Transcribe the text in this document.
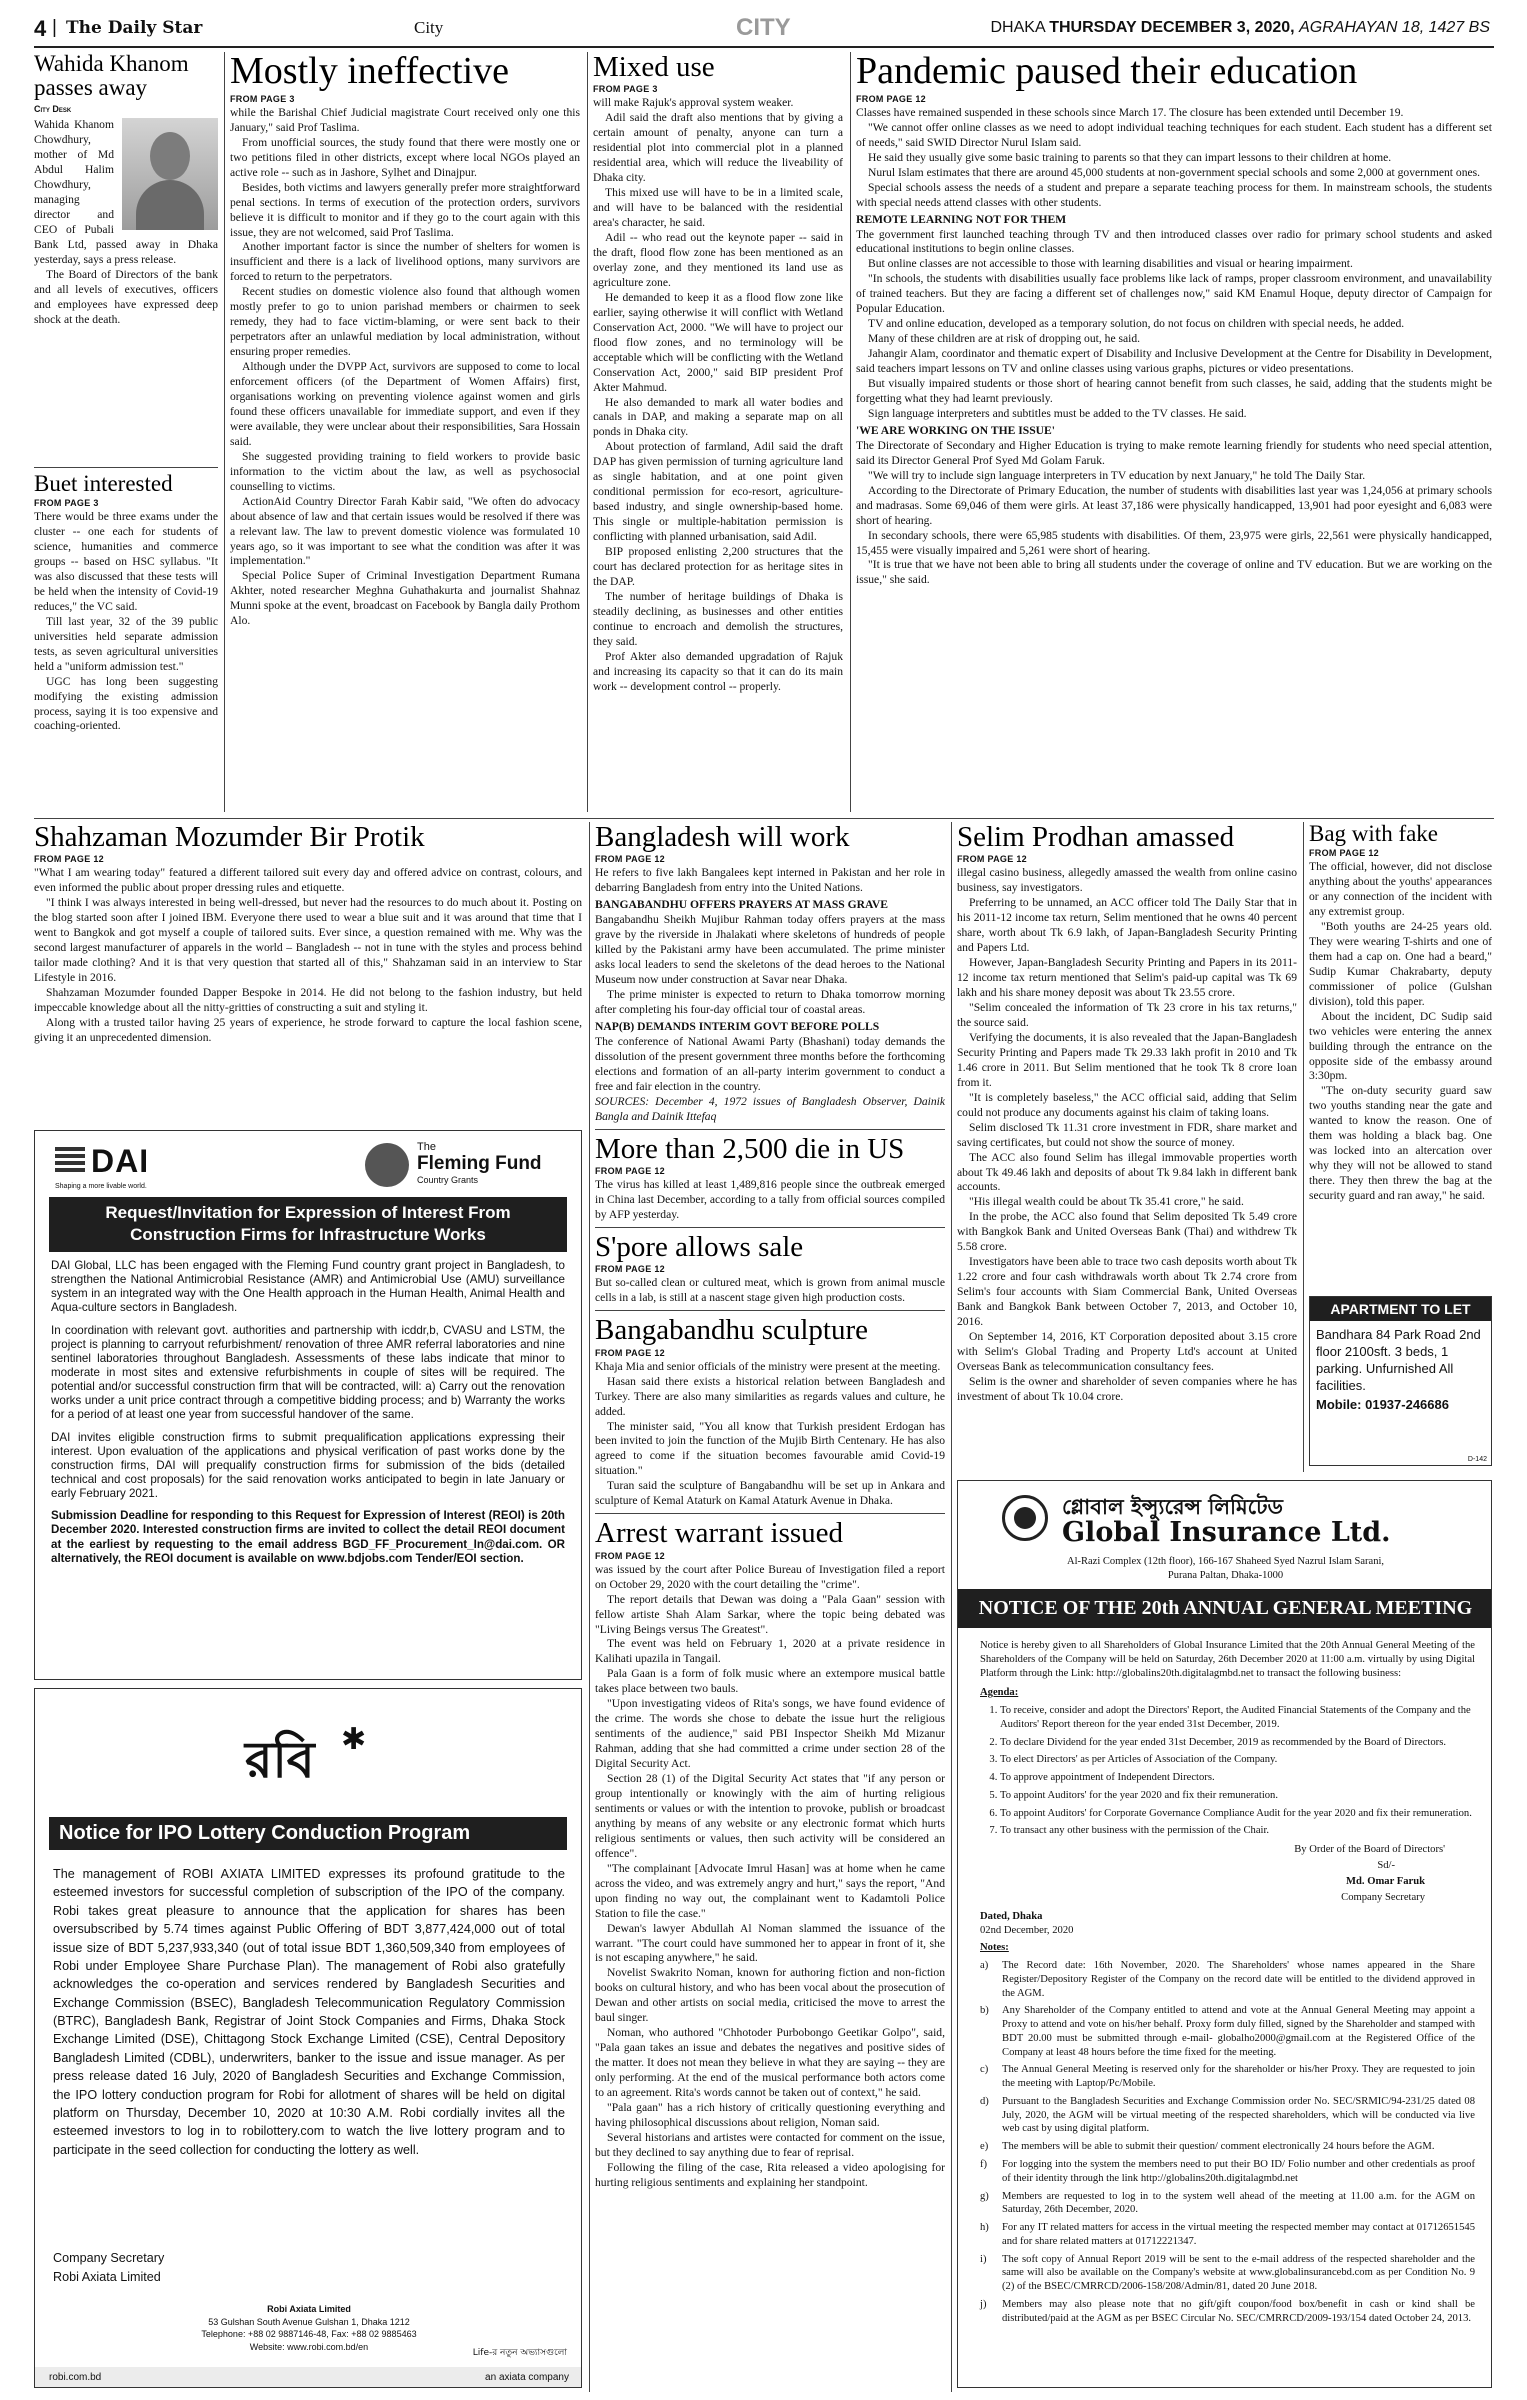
4 | The Daily Star	City	CITY	DHAKA THURSDAY DECEMBER 3, 2020, AGRAHAYAN 18, 1427 BS
Wahida Khanom passes away
City Desk

Wahida Khanom Chowdhury, mother of Md Abdul Halim Chowdhury, managing director and CEO of Pubali Bank Ltd, passed away in Dhaka yesterday, says a press release.

The Board of Directors of the bank and all levels of executives, officers and employees have expressed deep shock at the death.

Buet interested
FROM PAGE 3

There would be three exams under the cluster -- one each for students of science, humanities and commerce groups -- based on HSC syllabus. "It was also discussed that these tests will be held when the intensity of Covid-19 reduces," the VC said.

Till last year, 32 of the 39 public universities held separate admission tests, as seven agricultural universities held a "uniform admission test."

UGC has long been suggesting modifying the existing admission process, saying it is too expensive and coaching-oriented.

Mostly ineffective
FROM PAGE 3

while the Barishal Chief Judicial magistrate Court received only one this January," said Prof Taslima.

From unofficial sources, the study found that there were mostly one or two petitions filed in other districts, except where local NGOs played an active role -- such as in Jashore, Sylhet and Dinajpur.

Besides, both victims and lawyers generally prefer more straightforward penal sections. In terms of execution of the protection orders, survivors believe it is difficult to monitor and if they go to the court again with this issue, they are not welcomed, said Prof Taslima.

Another important factor is since the number of shelters for women is insufficient and there is a lack of livelihood options, many survivors are forced to return to the perpetrators.

Recent studies on domestic violence also found that although women mostly prefer to go to union parishad members or chairmen to seek remedy, they had to face victim-blaming, or were sent back to their perpetrators after an unlawful mediation by local administration, without ensuring proper remedies.

Although under the DVPP Act, survivors are supposed to come to local enforcement officers (of the Department of Women Affairs) first, organisations working on preventing violence against women and girls found these officers unavailable for immediate support, and even if they were available, they were unclear about their responsibilities, Sara Hossain said.

She suggested providing training to field workers to provide basic information to the victim about the law, as well as psychosocial counselling to victims.

ActionAid Country Director Farah Kabir said, "We often do advocacy about absence of law and that certain issues would be resolved if there was a relevant law. The law to prevent domestic violence was formulated 10 years ago, so it was important to see what the condition was after it was implementation."

Special Police Super of Criminal Investigation Department Rumana Akhter, noted researcher Meghna Guhathakurta and journalist Shahnaz Munni spoke at the event, broadcast on Facebook by Bangla daily Prothom Alo.

Mixed use
FROM PAGE 3

will make Rajuk's approval system weaker.

Adil said the draft also mentions that by giving a certain amount of penalty, anyone can turn a residential plot into commercial plot in a planned residential area, which will reduce the liveability of Dhaka city.

This mixed use will have to be in a limited scale, and will have to be balanced with the residential area's character, he said.

Adil -- who read out the keynote paper -- said in the draft, flood flow zone has been mentioned as an overlay zone, and they mentioned its land use as agriculture zone.

He demanded to keep it as a flood flow zone like earlier, saying otherwise it will conflict with Wetland Conservation Act, 2000. "We will have to project our flood flow zones, and no terminology will be acceptable which will be conflicting with the Wetland Conservation Act, 2000," said BIP president Prof Akter Mahmud.

He also demanded to mark all water bodies and canals in DAP, and making a separate map on all ponds in Dhaka city.

About protection of farmland, Adil said the draft DAP has given permission of turning agriculture land as single habitation, and at one point given conditional permission for eco-resort, agriculture-based industry, and single ownership-based home. This single or multiple-habitation permission is conflicting with planned urbanisation, said Adil.

BIP proposed enlisting 2,200 structures that the court has declared protection for as heritage sites in the DAP.

The number of heritage buildings of Dhaka is steadily declining, as businesses and other entities continue to encroach and demolish the structures, they said.

Prof Akter also demanded upgradation of Rajuk and increasing its capacity so that it can do its main work -- development control -- properly.

Pandemic paused their education
FROM PAGE 12

Classes have remained suspended in these schools since March 17. The closure has been extended until December 19.

"We cannot offer online classes as we need to adopt individual teaching techniques for each student. Each student has a different set of needs," said SWID Director Nurul Islam said.

He said they usually give some basic training to parents so that they can impart lessons to their children at home.

Nurul Islam estimates that there are around 45,000 students at non-government special schools and some 2,000 at government ones.

Special schools assess the needs of a student and prepare a separate teaching process for them. In mainstream schools, the students with special needs attend classes with other students.

REMOTE LEARNING NOT FOR THEM

The government first launched teaching through TV and then introduced classes over radio for primary school students and asked educational institutions to begin online classes.

But online classes are not accessible to those with learning disabilities and visual or hearing impairment.

"In schools, the students with disabilities usually face problems like lack of ramps, proper classroom environment, and unavailability of trained teachers. But they are facing a different set of challenges now," said KM Enamul Hoque, deputy director of Campaign for Popular Education.

TV and online education, developed as a temporary solution, do not focus on children with special needs, he added.

Many of these children are at risk of dropping out, he said.

Jahangir Alam, coordinator and thematic expert of Disability and Inclusive Development at the Centre for Disability in Development, said teachers impart lessons on TV and online classes using various graphs, pictures or video presentations.

But visually impaired students or those short of hearing cannot benefit from such classes, he said, adding that the students might be forgetting what they had learnt previously.

Sign language interpreters and subtitles must be added to the TV classes. He said.

'WE ARE WORKING ON THE ISSUE'

The Directorate of Secondary and Higher Education is trying to make remote learning friendly for students who need special attention, said its Director General Prof Syed Md Golam Faruk.

"We will try to include sign language interpreters in TV education by next January," he told The Daily Star.

According to the Directorate of Primary Education, the number of students with disabilities last year was 1,24,056 at primary schools and madrasas. Some 69,046 of them were girls. At least 37,186 were physically handicapped, 13,901 had poor eyesight and 6,083 were short of hearing.

In secondary schools, there were 65,985 students with disabilities. Of them, 23,975 were girls, 22,561 were physically handicapped, 15,455 were visually impaired and 5,261 were short of hearing.

"It is true that we have not been able to bring all students under the coverage of online and TV education. But we are working on the issue," she said.

Shahzaman Mozumder Bir Protik
FROM PAGE 12

"What I am wearing today" featured a different tailored suit every day and offered advice on contrast, colours, and even informed the public about proper dressing rules and etiquette.

"I think I was always interested in being well-dressed, but never had the resources to do much about it. Posting on the blog started soon after I joined IBM. Everyone there used to wear a blue suit and it was around that time that I went to Bangkok and got myself a couple of tailored suits. Ever since, a question remained with me. Why was the second largest manufacturer of apparels in the world – Bangladesh -- not in tune with the styles and process behind tailor made clothing? And it is that very question that started all of this," Shahzaman said in an interview to Star Lifestyle in 2016.

Shahzaman Mozumder founded Dapper Bespoke in 2014. He did not belong to the fashion industry, but held impeccable knowledge about all the nitty-gritties of constructing a suit and styling it.

Along with a trusted tailor having 25 years of experience, he strode forward to capture the local fashion scene, giving it an unprecedented dimension.

DAI
Shaping a more livable world.
The
Fleming Fund
Country Grants
Request/Invitation for Expression of Interest From Construction Firms for Infrastructure Works
DAI Global, LLC has been engaged with the Fleming Fund country grant project in Bangladesh, to strengthen the National Antimicrobial Resistance (AMR) and Antimicrobial Use (AMU) surveillance system in an integrated way with the One Health approach in the Human Health, Animal Health and Aqua-culture sectors in Bangladesh.
In coordination with relevant govt. authorities and partnership with icddr,b, CVASU and LSTM, the project is planning to carryout refurbishment/ renovation of three AMR referral laboratories and nine sentinel laboratories throughout Bangladesh. Assessments of these labs indicate that minor to moderate in most sites and extensive refurbishments in couple of sites will be required. The potential and/or successful construction firm that will be contracted, will: a) Carry out the renovation works under a unit price contract through a competitive bidding process; and b) Warranty the works for a period of at least one year from successful handover of the same.
DAI invites eligible construction firms to submit prequalification applications expressing their interest. Upon evaluation of the applications and physical verification of past works done by the construction firms, DAI will prequalify construction firms for submission of the bids (detailed technical and cost proposals) for the said renovation works anticipated to begin in late January or early February 2021.
Submission Deadline for responding to this Request for Expression of Interest (REOI) is 20th December 2020. Interested construction firms are invited to collect the detail REOI document at the earliest by requesting to the email address BGD_FF_Procurement_In@dai.com. OR alternatively, the REOI document is available on www.bdjobs.com Tender/EOI section.
রবি ✱
Notice for IPO Lottery Conduction Program
The management of ROBI AXIATA LIMITED expresses its profound gratitude to the esteemed investors for successful completion of subscription of the IPO of the company. Robi takes great pleasure to announce that the application for shares has been oversubscribed by 5.74 times against Public Offering of BDT 3,877,424,000 out of total issue size of BDT 5,237,933,340 (out of total issue BDT 1,360,509,340 from employees of Robi under Employee Share Purchase Plan). The management of Robi also gratefully acknowledges the co-operation and services rendered by Bangladesh Securities and Exchange Commission (BSEC), Bangladesh Telecommunication Regulatory Commission (BTRC), Bangladesh Bank, Registrar of Joint Stock Companies and Firms, Dhaka Stock Exchange Limited (DSE), Chittagong Stock Exchange Limited (CSE), Central Depository Bangladesh Limited (CDBL), underwriters, banker to the issue and issue manager. As per press release dated 16 July, 2020 of Bangladesh Securities and Exchange Commission, the IPO lottery conduction program for Robi for allotment of shares will be held on digital platform on Thursday, December 10, 2020 at 10:30 A.M. Robi cordially invites all the esteemed investors to log in to robilottery.com to watch the live lottery program and to participate in the seed collection for conducting the lottery as well.
Company Secretary
Robi Axiata Limited
Robi Axiata Limited
53 Gulshan South Avenue Gulshan 1, Dhaka 1212
Telephone: +88 02 9887146-48, Fax: +88 02 9885463
Website: www.robi.com.bd/en
Life-র নতুন অভ্যাসগুলো
robi.com.bd	an axiata company
Bangladesh will work
FROM PAGE 12

He refers to five lakh Bangalees kept interned in Pakistan and her role in debarring Bangladesh from entry into the United Nations.

BANGABANDHU OFFERS PRAYERS AT MASS GRAVE

Bangabandhu Sheikh Mujibur Rahman today offers prayers at the mass grave by the riverside in Jhalakati where skeletons of hundreds of people killed by the Pakistani army have been accumulated. The prime minister asks local leaders to send the skeletons of the dead heroes to the National Museum now under construction at Savar near Dhaka.

The prime minister is expected to return to Dhaka tomorrow morning after completing his four-day official tour of coastal areas.

NAP(B) DEMANDS INTERIM GOVT BEFORE POLLS

The conference of National Awami Party (Bhashani) today demands the dissolution of the present government three months before the forthcoming elections and formation of an all-party interim government to conduct a free and fair election in the country.

SOURCES: December 4, 1972 issues of Bangladesh Observer, Dainik Bangla and Dainik Ittefaq

More than 2,500 die in US
FROM PAGE 12

The virus has killed at least 1,489,816 people since the outbreak emerged in China last December, according to a tally from official sources compiled by AFP yesterday.

S'pore allows sale
FROM PAGE 12

But so-called clean or cultured meat, which is grown from animal muscle cells in a lab, is still at a nascent stage given high production costs.

Bangabandhu sculpture
FROM PAGE 12

Khaja Mia and senior officials of the ministry were present at the meeting.

Hasan said there exists a historical relation between Bangladesh and Turkey. There are also many similarities as regards values and culture, he added.

The minister said, "You all know that Turkish president Erdogan has been invited to join the function of the Mujib Birth Centenary. He has also agreed to come if the situation becomes favourable amid Covid-19 situation."

Turan said the sculpture of Bangabandhu will be set up in Ankara and sculpture of Kemal Ataturk on Kamal Ataturk Avenue in Dhaka.

Arrest warrant issued
FROM PAGE 12

was issued by the court after Police Bureau of Investigation filed a report on October 29, 2020 with the court detailing the "crime".

The report details that Dewan was doing a "Pala Gaan" session with fellow artiste Shah Alam Sarkar, where the topic being debated was "Living Beings versus The Greatest".

The event was held on February 1, 2020 at a private residence in Kalihati upazila in Tangail.

Pala Gaan is a form of folk music where an extempore musical battle takes place between two bauls.

"Upon investigating videos of Rita's songs, we have found evidence of the crime. The words she chose to debate the issue hurt the religious sentiments of the audience," said PBI Inspector Sheikh Md Mizanur Rahman, adding that she had committed a crime under section 28 of the Digital Security Act.

Section 28 (1) of the Digital Security Act states that "if any person or group intentionally or knowingly with the aim of hurting religious sentiments or values or with the intention to provoke, publish or broadcast anything by means of any website or any electronic format which hurts religious sentiments or values, then such activity will be considered an offence".

"The complainant [Advocate Imrul Hasan] was at home when he came across the video, and was extremely angry and hurt," says the report, "And upon finding no way out, the complainant went to Kadamtoli Police Station to file the case."

Dewan's lawyer Abdullah Al Noman slammed the issuance of the warrant. "The court could have summoned her to appear in front of it, she is not escaping anywhere," he said.

Novelist Swakrito Noman, known for authoring fiction and non-fiction books on cultural history, and who has been vocal about the prosecution of Dewan and other artists on social media, criticised the move to arrest the baul singer.

Noman, who authored "Chhotoder Purbobongo Geetikar Golpo", said, "Pala gaan takes an issue and debates the negatives and positive sides of the matter. It does not mean they believe in what they are saying -- they are only performing. At the end of the musical performance both actors come to an agreement. Rita's words cannot be taken out of context," he said.

"Pala gaan" has a rich history of critically questioning everything and having philosophical discussions about religion, Noman said.

Several historians and artistes were contacted for comment on the issue, but they declined to say anything due to fear of reprisal.

Following the filing of the case, Rita released a video apologising for hurting religious sentiments and explaining her standpoint.

Selim Prodhan amassed
FROM PAGE 12

illegal casino business, allegedly amassed the wealth from online casino business, say investigators.

Preferring to be unnamed, an ACC officer told The Daily Star that in his 2011-12 income tax return, Selim mentioned that he owns 40 percent share, worth about Tk 6.9 lakh, of Japan-Bangladesh Security Printing and Papers Ltd.

However, Japan-Bangladesh Security Printing and Papers in its 2011-12 income tax return mentioned that Selim's paid-up capital was Tk 69 lakh and his share money deposit was about Tk 23.55 crore.

"Selim concealed the information of Tk 23 crore in his tax returns," the source said.

Verifying the documents, it is also revealed that the Japan-Bangladesh Security Printing and Papers made Tk 29.33 lakh profit in 2010 and Tk 1.46 crore in 2011. But Selim mentioned that he took Tk 8 crore loan from it.

"It is completely baseless," the ACC official said, adding that Selim could not produce any documents against his claim of taking loans.

Selim disclosed Tk 11.31 crore investment in FDR, share market and saving certificates, but could not show the source of money.

The ACC also found Selim has illegal immovable properties worth about Tk 49.46 lakh and deposits of about Tk 9.84 lakh in different bank accounts.

"His illegal wealth could be about Tk 35.41 crore," he said.

In the probe, the ACC also found that Selim deposited Tk 5.49 crore with Bangkok Bank and United Overseas Bank (Thai) and withdrew Tk 5.58 crore.

Investigators have been able to trace two cash deposits worth about Tk 1.22 crore and four cash withdrawals worth about Tk 2.74 crore from Selim's four accounts with Siam Commercial Bank, United Overseas Bank and Bangkok Bank between October 7, 2013, and October 10, 2016.

On September 14, 2016, KT Corporation deposited about 3.15 crore with Selim's Global Trading and Property Ltd's account at United Overseas Bank as telecommunication consultancy fees.

Selim is the owner and shareholder of seven companies where he has investment of about Tk 10.04 crore.

Bag with fake
FROM PAGE 12

The official, however, did not disclose anything about the youths' appearances or any connection of the incident with any extremist group.

"Both youths are 24-25 years old. They were wearing T-shirts and one of them had a cap on. One had a beard," Sudip Kumar Chakrabarty, deputy commissioner of police (Gulshan division), told this paper.

About the incident, DC Sudip said two vehicles were entering the annex building through the entrance on the opposite side of the embassy around 3:30pm.

"The on-duty security guard saw two youths standing near the gate and wanted to know the reason. One of them was holding a black bag. One was locked into an altercation over why they will not be allowed to stand there. They then threw the bag at the security guard and ran away," he said.

APARTMENT TO LET
Bandhara 84 Park Road 2nd floor 2100sft. 3 beds, 1 parking. Unfurnished All facilities.
Mobile: 01937-246686
D-142
গ্লোবাল ইন্স্যুরেন্স লিমিটেড
Global Insurance Ltd.
Al-Razi Complex (12th floor), 166-167 Shaheed Syed Nazrul Islam Sarani,
Purana Paltan, Dhaka-1000
NOTICE OF THE 20th ANNUAL GENERAL MEETING
Notice is hereby given to all Shareholders of Global Insurance Limited that the 20th Annual General Meeting of the Shareholders of the Company will be held on Saturday, 26th December 2020 at 11:00 a.m. virtually by using Digital Platform through the Link: http://globalins20th.digitalagmbd.net to transact the following business:
Agenda:
1. To receive, consider and adopt the Directors' Report, the Audited Financial Statements of the Company and the Auditors' Report thereon for the year ended 31st December, 2019.
2. To declare Dividend for the year ended 31st December, 2019 as recommended by the Board of Directors.
3. To elect Directors' as per Articles of Association of the Company.
4. To approve appointment of Independent Directors.
5. To appoint Auditors' for the year 2020 and fix their remuneration.
6. To appoint Auditors' for Corporate Governance Compliance Audit for the year 2020 and fix their remuneration.
7. To transact any other business with the permission of the Chair.
By Order of the Board of Directors'
Sd/-
Md. Omar Faruk
Company Secretary
Dated, Dhaka
02nd December, 2020
Notes:
a)	The Record date: 16th November, 2020. The Shareholders' whose names appeared in the Share Register/Depository Register of the Company on the record date will be entitled to the dividend approved in the AGM.
b)	Any Shareholder of the Company entitled to attend and vote at the Annual General Meeting may appoint a Proxy to attend and vote on his/her behalf. Proxy form duly filled, signed by the Shareholder and stamped with BDT 20.00 must be submitted through e-mail- globalho2000@gmail.com at the Registered Office of the Company at least 48 hours before the time fixed for the meeting.
c)	The Annual General Meeting is reserved only for the shareholder or his/her Proxy. They are requested to join the meeting with Laptop/Pc/Mobile.
d)	Pursuant to the Bangladesh Securities and Exchange Commission order No. SEC/SRMIC/94-231/25 dated 08 July, 2020, the AGM will be virtual meeting of the respected shareholders, which will be conducted via live web cast by using digital platform.
e)	The members will be able to submit their question/ comment electronically 24 hours before the AGM.
f)	For logging into the system the members need to put their BO ID/ Folio number and other credentials as proof of their identity through the link http://globalins20th.digitalagmbd.net
g)	Members are requested to log in to the system well ahead of the meeting at 11.00 a.m. for the AGM on Saturday, 26th December, 2020.
h)	For any IT related matters for access in the virtual meeting the respected member may contact at 01712651545 and for share related matters at 01712221347.
i)	The soft copy of Annual Report 2019 will be sent to the e-mail address of the respected shareholder and the same will also be available on the Company's website at www.globalinsurancebd.com as per Condition No. 9 (2) of the BSEC/CMRRCD/2006-158/208/Admin/81, dated 20 June 2018.
j)	Members may also please note that no gift/gift coupon/food box/benefit in cash or kind shall be distributed/paid at the AGM as per BSEC Circular No. SEC/CMRRCD/2009-193/154 dated October 24, 2013.
